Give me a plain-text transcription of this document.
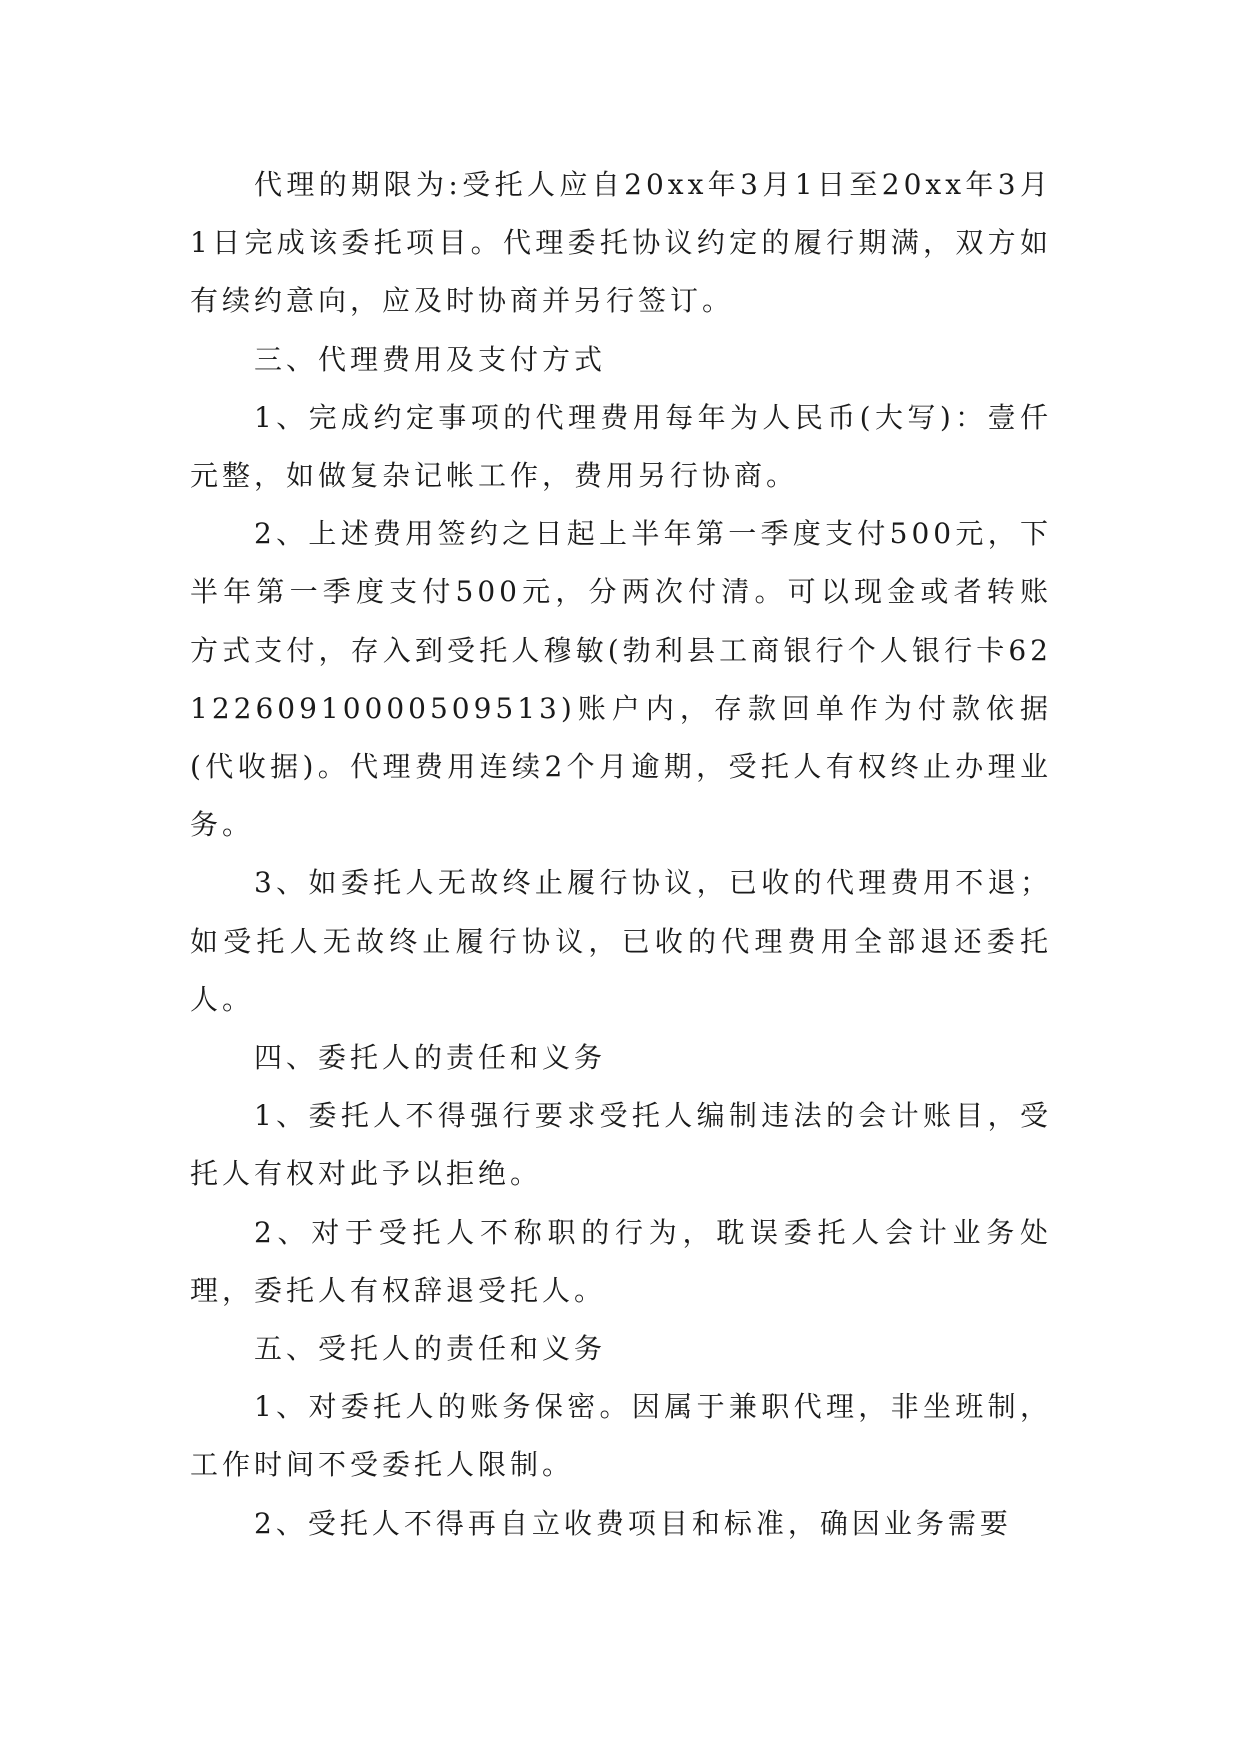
代理的期限为:受托人应自20xx年3月1日至20xx年3月1日完成该委托项目。代理委托协议约定的履行期满，双方如有续约意向，应及时协商并另行签订。

三、代理费用及支付方式

1、完成约定事项的代理费用每年为人民币(大写)：壹仟元整，如做复杂记帐工作，费用另行协商。

2、上述费用签约之日起上半年第一季度支付500元，下半年第一季度支付500元，分两次付清。可以现金或者转账方式支付，存入到受托人穆敏(勃利县工商银行个人银行卡6212260910000509513)账户内，存款回单作为付款依据(代收据)。代理费用连续2个月逾期，受托人有权终止办理业务。

3、如委托人无故终止履行协议，已收的代理费用不退；如受托人无故终止履行协议，已收的代理费用全部退还委托人。

四、委托人的责任和义务

1、委托人不得强行要求受托人编制违法的会计账目，受托人有权对此予以拒绝。

2、对于受托人不称职的行为，耽误委托人会计业务处理，委托人有权辞退受托人。

五、受托人的责任和义务

1、对委托人的账务保密。因属于兼职代理，非坐班制，工作时间不受委托人限制。

2、受托人不得再自立收费项目和标准，确因业务需要
